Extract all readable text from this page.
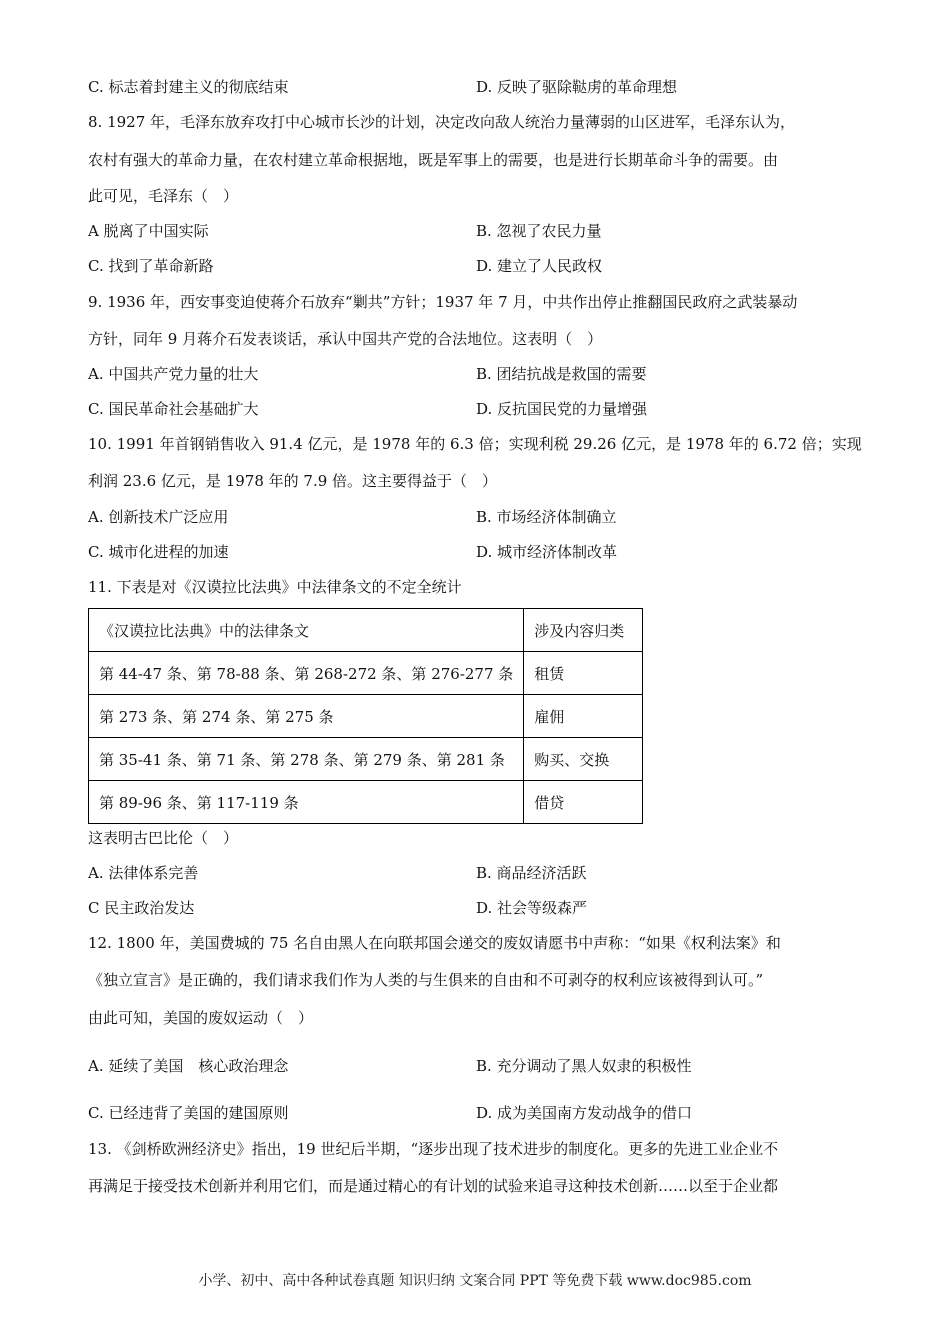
C. 标志着封建主义的彻底结束	D. 反映了驱除鞑虏的革命理想
8. 1927 年，毛泽东放弃攻打中心城市长沙的计划，决定改向敌人统治力量薄弱的山区进军，毛泽东认为，
农村有强大的革命力量，在农村建立革命根据地，既是军事上的需要，也是进行长期革命斗争的需要。由
此可见，毛泽东（　）
A 脱离了中国实际	B. 忽视了农民力量
C. 找到了革命新路	D. 建立了人民政权
9. 1936 年，西安事变迫使蒋介石放弃“剿共”方针；1937 年 7 月，中共作出停止推翻国民政府之武装暴动
方针，同年 9 月蒋介石发表谈话，承认中国共产党的合法地位。这表明（　）
A. 中国共产党力量的壮大	B. 团结抗战是救国的需要
C. 国民革命社会基础扩大	D. 反抗国民党的力量增强
10. 1991 年首钢销售收入 91.4 亿元，是 1978 年的 6.3 倍；实现利税 29.26 亿元，是 1978 年的 6.72 倍；实现
利润 23.6 亿元，是 1978 年的 7.9 倍。这主要得益于（　）
A. 创新技术广泛应用	B. 市场经济体制确立
C. 城市化进程的加速	D. 城市经济体制改革
11. 下表是对《汉谟拉比法典》中法律条文的不定全统计
《汉谟拉比法典》中的法律条文	涉及内容归类
第 44-47 条、第 78-88 条、第 268-272 条、第 276-277 条	租赁
第 273 条、第 274 条、第 275 条	雇佣
第 35-41 条、第 71 条、第 278 条、第 279 条、第 281 条	购买、交换
第 89-96 条、第 117-119 条	借贷
这表明古巴比伦（　）
A. 法律体系完善	B. 商品经济活跃
C 民主政治发达	D. 社会等级森严
12. 1800 年，美国费城的 75 名自由黑人在向联邦国会递交的废奴请愿书中声称：“如果《权利法案》和
《独立宣言》是正确的，我们请求我们作为人类的与生俱来的自由和不可剥夺的权利应该被得到认可。”
由此可知，美国的废奴运动（　）
A. 延续了美国　核心政治理念	B. 充分调动了黑人奴隶的积极性
C. 已经违背了美国的建国原则	D. 成为美国南方发动战争的借口
13. 《剑桥欧洲经济史》指出，19 世纪后半期，“逐步出现了技术进步的制度化。更多的先进工业企业不
再满足于接受技术创新并利用它们，而是通过精心的有计划的试验来追寻这种技术创新……以至于企业都
小学、初中、高中各种试卷真题 知识归纳 文案合同 PPT 等免费下载 www.doc985.com
